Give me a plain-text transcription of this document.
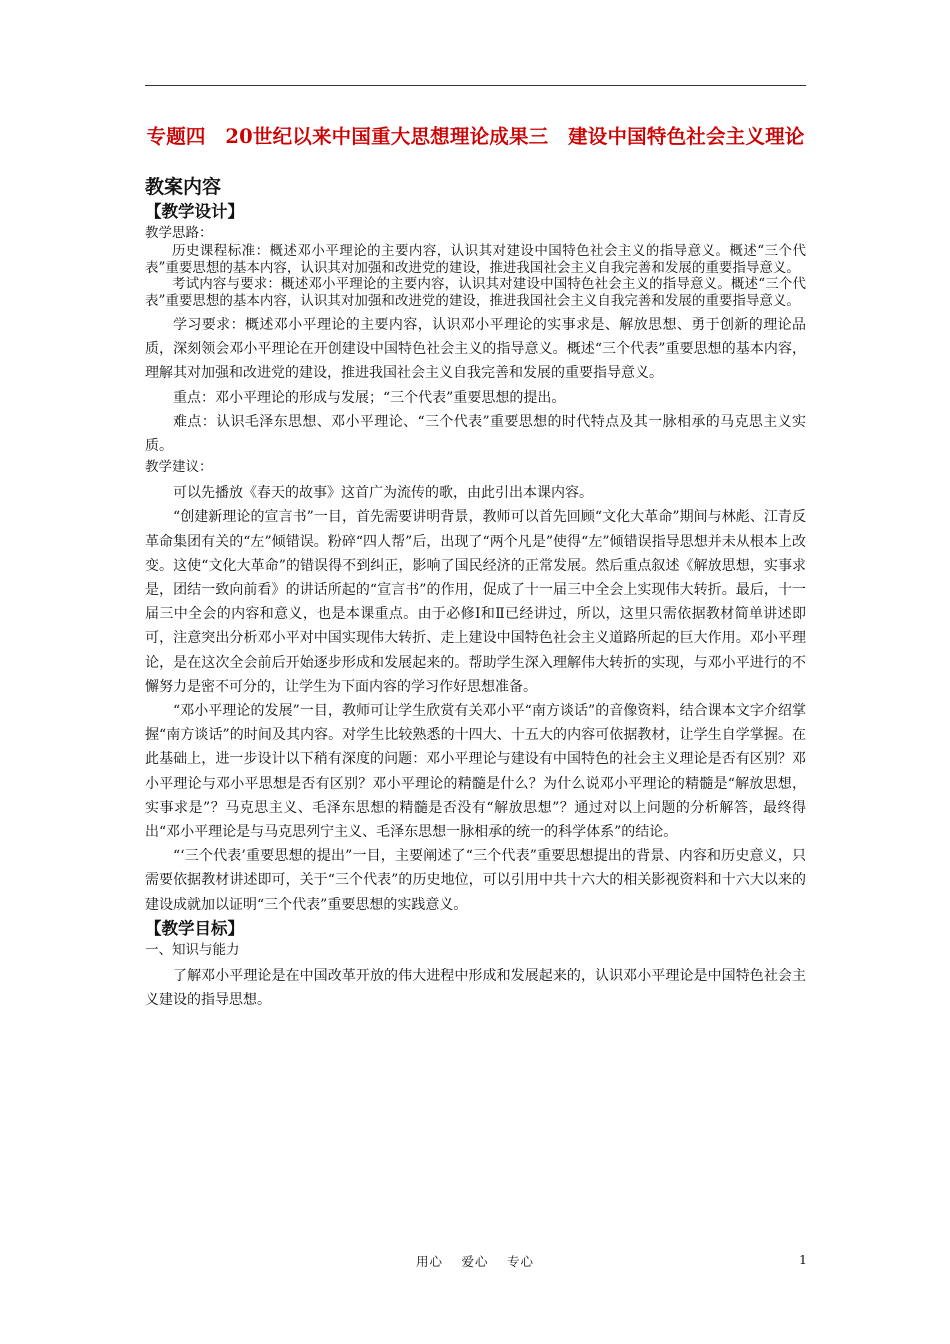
专题四　20世纪以来中国重大思想理论成果三　建设中国特色社会主义理论
教案内容
【教学设计】
教学思路：

历史课程标准：概述邓小平理论的主要内容，认识其对建设中国特色社会主义的指导意义。概述“三个代表”重要思想的基本内容，认识其对加强和改进党的建设，推进我国社会主义自我完善和发展的重要指导意义。

考试内容与要求：概述邓小平理论的主要内容，认识其对建设中国特色社会主义的指导意义。概述“三个代表”重要思想的基本内容，认识其对加强和改进党的建设，推进我国社会主义自我完善和发展的重要指导意义。

学习要求：概述邓小平理论的主要内容，认识邓小平理论的实事求是、解放思想、勇于创新的理论品质，深刻领会邓小平理论在开创建设中国特色社会主义的指导意义。概述“三个代表”重要思想的基本内容，理解其对加强和改进党的建设，推进我国社会主义自我完善和发展的重要指导意义。

重点：邓小平理论的形成与发展；“三个代表”重要思想的提出。

难点：认识毛泽东思想、邓小平理论、“三个代表”重要思想的时代特点及其一脉相承的马克思主义实质。

教学建议：

可以先播放《春天的故事》这首广为流传的歌，由此引出本课内容。

“创建新理论的宣言书”一目，首先需要讲明背景，教师可以首先回顾“文化大革命”期间与林彪、江青反革命集团有关的“左”倾错误。粉碎“四人帮”后，出现了“两个凡是”使得“左”倾错误指导思想并未从根本上改变。这使“文化大革命”的错误得不到纠正，影响了国民经济的正常发展。然后重点叙述《解放思想，实事求是，团结一致向前看》的讲话所起的“宣言书”的作用，促成了十一届三中全会上实现伟大转折。最后，十一届三中全会的内容和意义，也是本课重点。由于必修Ⅰ和Ⅱ已经讲过，所以，这里只需依据教材简单讲述即可，注意突出分析邓小平对中国实现伟大转折、走上建设中国特色社会主义道路所起的巨大作用。邓小平理论，是在这次全会前后开始逐步形成和发展起来的。帮助学生深入理解伟大转折的实现，与邓小平进行的不懈努力是密不可分的，让学生为下面内容的学习作好思想准备。

“邓小平理论的发展”一目，教师可让学生欣赏有关邓小平“南方谈话”的音像资料，结合课本文字介绍掌握“南方谈话”的时间及其内容。对学生比较熟悉的十四大、十五大的内容可依据教材，让学生自学掌握。在此基础上，进一步设计以下稍有深度的问题：邓小平理论与建设有中国特色的社会主义理论是否有区别？邓小平理论与邓小平思想是否有区别？邓小平理论的精髓是什么？为什么说邓小平理论的精髓是“解放思想，实事求是”？马克思主义、毛泽东思想的精髓是否没有“解放思想”？通过对以上问题的分析解答，最终得出“邓小平理论是与马克思列宁主义、毛泽东思想一脉相承的统一的科学体系”的结论。

“‘三个代表’重要思想的提出”一目，主要阐述了“三个代表”重要思想提出的背景、内容和历史意义，只需要依据教材讲述即可，关于“三个代表”的历史地位，可以引用中共十六大的相关影视资料和十六大以来的建设成就加以证明“三个代表”重要思想的实践意义。

【教学目标】
一、知识与能力

了解邓小平理论是在中国改革开放的伟大进程中形成和发展起来的，认识邓小平理论是中国特色社会主义建设的指导思想。

用心　 爱心　 专心	1
